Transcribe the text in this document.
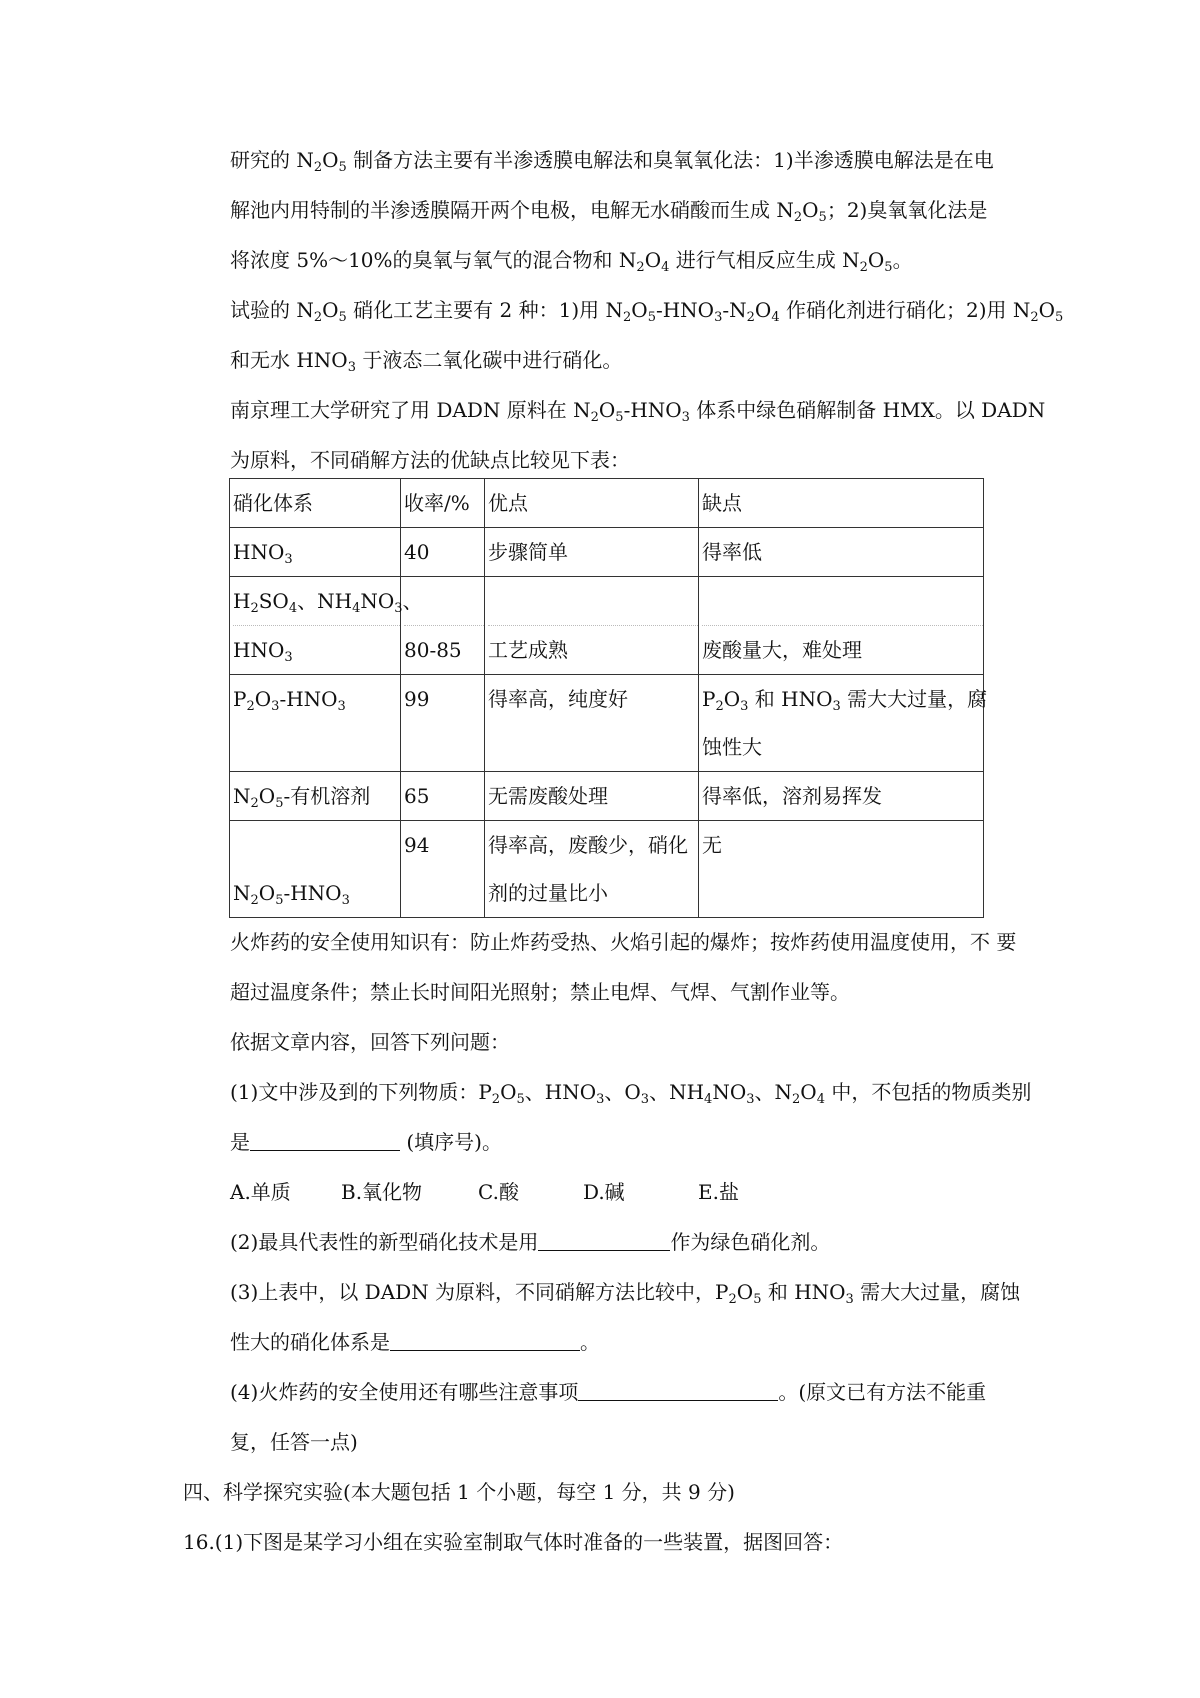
研究的 $N_2O_5$ 制备方法主要有半渗透膜电解法和臭氧氧化法：1)半渗透膜电解法是在电
解池内用特制的半渗透膜隔开两个电极，电解无水硝酸而生成 $N_2O_5$；2)臭氧氧化法是
将浓度 5%～10%的臭氧与氧气的混合物和 $N_2O_4$ 进行气相反应生成 $N_2O_5$。
试验的 $N_2O_5$ 硝化工艺主要有 2 种：1)用 $N_2O_5-HNO_3-N_2O_4$ 作硝化剂进行硝化；2)用 $N_2O_5$
和无水 $HNO_3$ 于液态二氧化碳中进行硝化。
南京理工大学研究了用 DADN 原料在 $N_2O_5-HNO_3$ 体系中绿色硝解制备 HMX。以 DADN
为原料，不同硝解方法的优缺点比较见下表：
硝化体系	收率/%	优点	缺点
$HNO_3$	40	步骤简单	得率低

$H_2SO_4$、$NH_4NO_3$、
$HNO_3$	80-85	工艺成熟	废酸量大，难处理

$P_2O_3-HNO_3$	99	得率高，纯度好	$P_2O_3$ 和 $HNO_3$ 需大大过量，腐
蚀性大

$N_2O_5-$有机溶剂	65	无需废酸处理	得率低，溶剂易挥发

$N_2O_5-HNO_3$	94	得率高，废酸少，硝化
剂的过量比小	无
火炸药的安全使用知识有：防止炸药受热、火焰引起的爆炸；按炸药使用温度使用，不 要
超过温度条件；禁止长时间阳光照射；禁止电焊、气焊、气割作业等。
依据文章内容，回答下列问题：
(1)文中涉及到的下列物质：$P_2O_5$、$HNO_3$、$O_3$、$NH_4NO_3$、$N_2O_4$ 中，不包括的物质类别
是	(填序号)。
A.单质	B.氧化物	C.酸	D.碱	E.盐
(2)最具代表性的新型硝化技术是用	作为绿色硝化剂。
(3)上表中，以 DADN 为原料，不同硝解方法比较中，$P_2O_5$ 和 $HNO_3$ 需大大过量，腐蚀
性大的硝化体系是	。
(4)火炸药的安全使用还有哪些注意事项	。(原文已有方法不能重
复，任答一点)
四、科学探究实验(本大题包括 1 个小题，每空 1 分，共 9 分)
16.(1)下图是某学习小组在实验室制取气体时准备的一些装置，据图回答：
